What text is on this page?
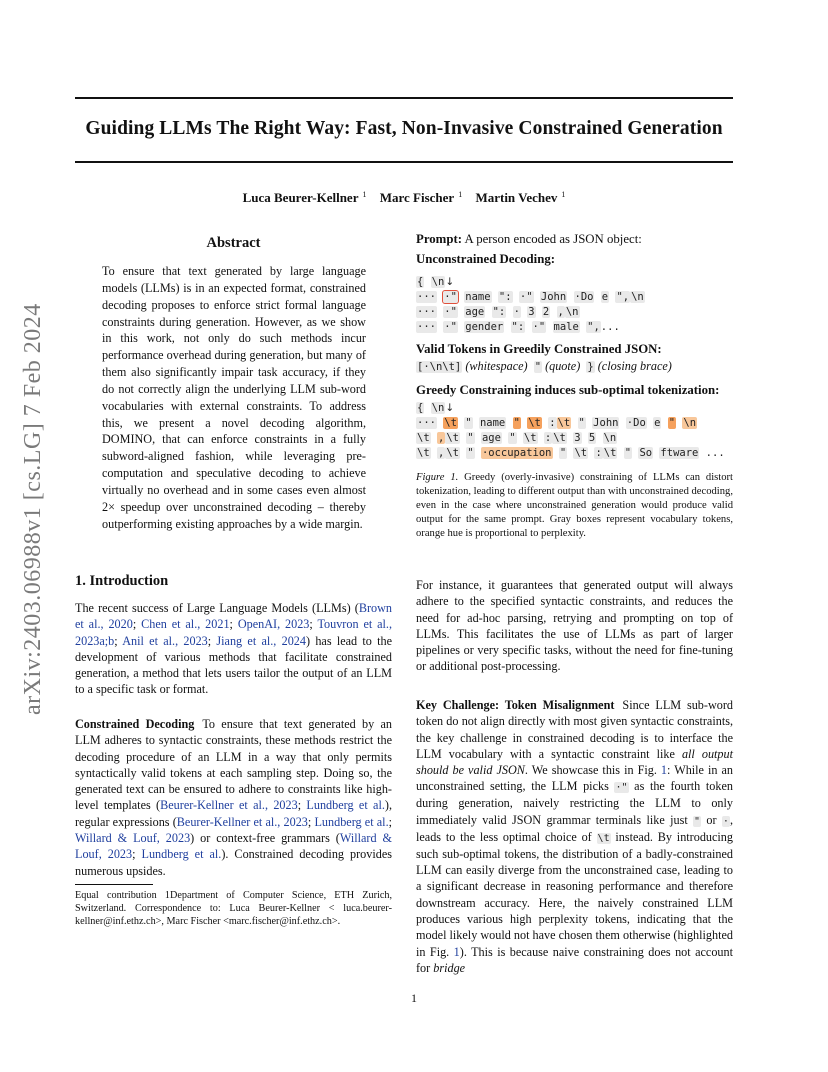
Guiding LLMs The Right Way: Fast, Non-Invasive Constrained Generation
Luca Beurer-Kellner $^1$ Marc Fischer $^1$ Martin Vechev $^1$
arXiv:2403.06988v1 [cs.LG] 7 Feb 2024
Abstract
To ensure that text generated by large language models (LLMs) is in an expected format, constrained decoding proposes to enforce strict formal language constraints during generation. However, as we show in this work, not only do such methods incur performance overhead during generation, but many of them also significantly impair task accuracy, if they do not correctly align the underlying LLM sub-word vocabularies with external constraints. To address this, we present a novel decoding algorithm, DOMINO, that can enforce constraints in a fully subword-aligned fashion, while leveraging pre-computation and speculative decoding to achieve virtually no overhead and in some cases even almost 2× speedup over unconstrained decoding – thereby outperforming existing approaches by a wide margin.
1. Introduction
The recent success of Large Language Models (LLMs) (Brown et al., 2020; Chen et al., 2021; OpenAI, 2023; Touvron et al., 2023a;b; Anil et al., 2023; Jiang et al., 2024) has lead to the development of various methods that facilitate constrained generation, a method that lets users tailor the output of an LLM to a specific task or format.
Constrained Decoding To ensure that text generated by an LLM adheres to syntactic constraints, these methods restrict the decoding procedure of an LLM in a way that only permits syntactically valid tokens at each sampling step. Doing so, the generated text can be ensured to adhere to constraints like high-level templates (Beurer-Kellner et al., 2023; Lundberg et al.), regular expressions (Beurer-Kellner et al., 2023; Lundberg et al.; Willard & Louf, 2023) or context-free grammars (Willard & Louf, 2023; Lundberg et al.). Constrained decoding provides numerous upsides.
Equal contribution 1Department of Computer Science, ETH Zurich, Switzerland. Correspondence to: Luca Beurer-Kellner < luca.beurer-kellner@inf.ethz.ch>, Marc Fischer <marc.fischer@inf.ethz.ch>.
Prompt: A person encoded as JSON object:
Unconstrained Decoding:
{ \n↓
··· ·" name ": ·" John ·Do e ", \n
··· ·" age ": · 3 2 , \n
··· ·" gender ": ·" male ",...
Valid Tokens in Greedily Constrained JSON:
[·\n\t] (whitespace) " (quote) } (closing brace)
Greedy Constraining induces sub-optimal tokenization:
{ \n↓
··· \t " name " \t : \t " John ·Do e " \n
\t , \t " age " \t : \t 3 5 \n
\t , \t " ·occupation " \t : \t " So ftware ...
Figure 1. Greedy (overly-invasive) constraining of LLMs can distort tokenization, leading to different output than with unconstrained decoding, even in the case where unconstrained generation would produce valid output for the same prompt. Gray boxes represent vocabulary tokens, orange hue is proportional to perplexity.
For instance, it guarantees that generated output will always adhere to the specified syntactic constraints, and reduces the need for ad-hoc parsing, retrying and prompting on top of LLMs. This facilitates the use of LLMs as part of larger pipelines or very specific tasks, without the need for fine-tuning or additional post-processing.
Key Challenge: Token Misalignment Since LLM sub-word token do not align directly with most given syntactic constraints, the key challenge in constrained decoding is to interface the LLM vocabulary with a syntactic constraint like all output should be valid JSON. We showcase this in Fig. 1: While in an unconstrained setting, the LLM picks ·" as the fourth token during generation, naively restricting the LLM to only immediately valid JSON grammar terminals like just " or ·, leads to the less optimal choice of \t instead. By introducing such sub-optimal tokens, the distribution of a badly-constrained LLM can easily diverge from the unconstrained case, leading to a significant decrease in reasoning performance and therefore downstream accuracy. Here, the naively constrained LLM produces various high perplexity tokens, indicating that the model likely would not have chosen them otherwise (highlighted in Fig. 1). This is because naive constraining does not account for bridge
1
